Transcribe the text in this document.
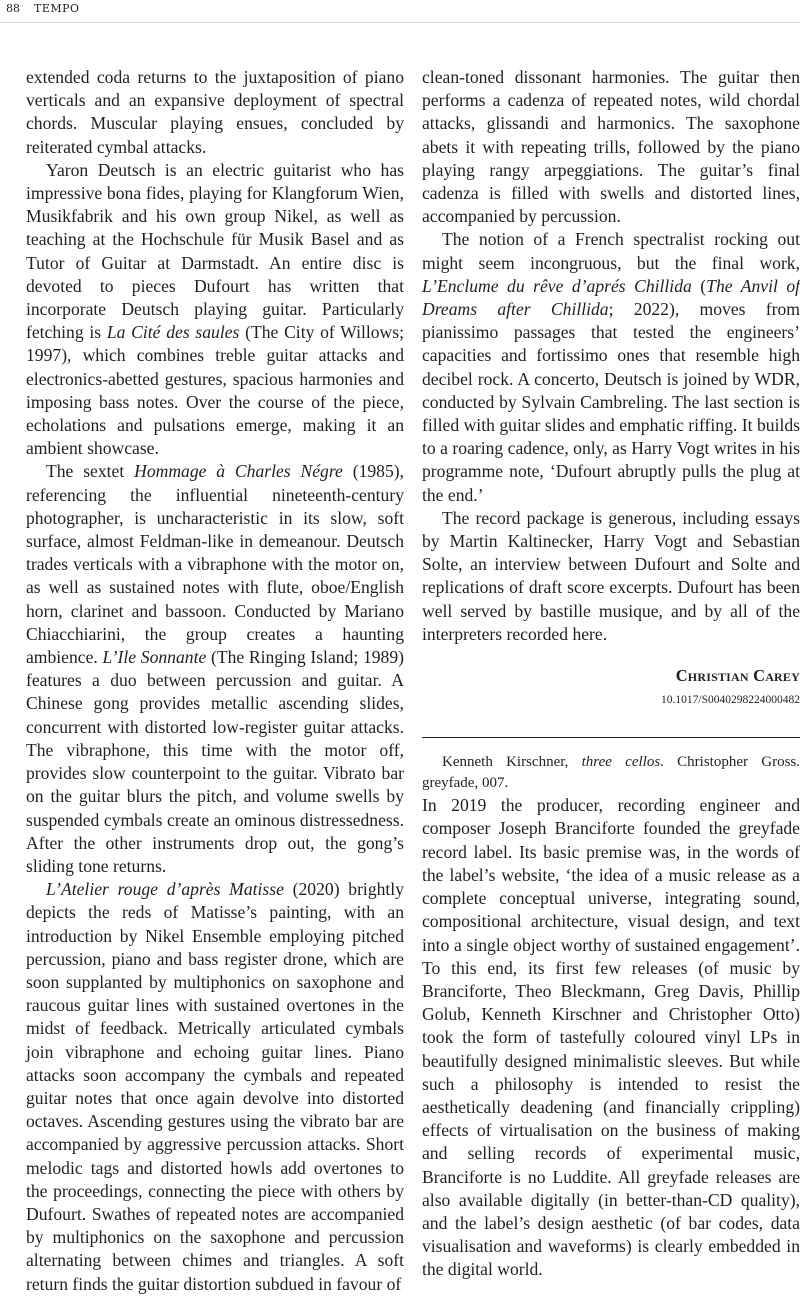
88 TEMPO

extended coda returns to the juxtaposition of piano verticals and an expansive deployment of spectral chords. Muscular playing ensues, concluded by reiterated cymbal attacks.

Yaron Deutsch is an electric guitarist who has impressive bona fides, playing for Klangforum Wien, Musikfabrik and his own group Nikel, as well as teaching at the Hochschule für Musik Basel and as Tutor of Guitar at Darmstadt. An entire disc is devoted to pieces Dufourt has written that incorporate Deutsch playing guitar. Particularly fetching is La Cité des saules (The City of Willows; 1997), which combines treble guitar attacks and electronics-abetted gestures, spacious harmonies and imposing bass notes. Over the course of the piece, echolations and pulsations emerge, making it an ambient showcase.

The sextet Hommage à Charles Négre (1985), referencing the influential nineteenth-century photographer, is uncharacteristic in its slow, soft surface, almost Feldman-like in demeanour. Deutsch trades verticals with a vibraphone with the motor on, as well as sustained notes with flute, oboe/English horn, clarinet and bassoon. Conducted by Mariano Chiacchiarini, the group creates a haunting ambience. L’Ile Sonnante (The Ringing Island; 1989) features a duo between percussion and guitar. A Chinese gong provides metallic ascending slides, concurrent with distorted low-register guitar attacks. The vibraphone, this time with the motor off, provides slow counterpoint to the guitar. Vibrato bar on the guitar blurs the pitch, and volume swells by suspended cymbals create an ominous distressedness. After the other instruments drop out, the gong’s sliding tone returns.

L’Atelier rouge d’après Matisse (2020) brightly depicts the reds of Matisse’s painting, with an introduction by Nikel Ensemble employing pitched percussion, piano and bass register drone, which are soon supplanted by multiphonics on saxophone and raucous guitar lines with sustained overtones in the midst of feedback. Metrically articulated cymbals join vibraphone and echoing guitar lines. Piano attacks soon accompany the cymbals and repeated guitar notes that once again devolve into distorted octaves. Ascending gestures using the vibrato bar are accompanied by aggressive percussion attacks. Short melodic tags and distorted howls add overtones to the proceedings, connecting the piece with others by Dufourt. Swathes of repeated notes are accompanied by multiphonics on the saxophone and percussion alternating between chimes and triangles. A soft return finds the guitar distortion subdued in favour of

clean-toned dissonant harmonies. The guitar then performs a cadenza of repeated notes, wild chordal attacks, glissandi and harmonics. The saxophone abets it with repeating trills, followed by the piano playing rangy arpeggiations. The guitar’s final cadenza is filled with swells and distorted lines, accompanied by percussion.

The notion of a French spectralist rocking out might seem incongruous, but the final work, L’Enclume du rêve d’aprés Chillida (The Anvil of Dreams after Chillida; 2022), moves from pianissimo passages that tested the engineers’ capacities and fortissimo ones that resemble high decibel rock. A concerto, Deutsch is joined by WDR, conducted by Sylvain Cambreling. The last section is filled with guitar slides and emphatic riffing. It builds to a roaring cadence, only, as Harry Vogt writes in his programme note, ‘Dufourt abruptly pulls the plug at the end.’

The record package is generous, including essays by Martin Kaltinecker, Harry Vogt and Sebastian Solte, an interview between Dufourt and Solte and replications of draft score excerpts. Dufourt has been well served by bastille musique, and by all of the interpreters recorded here.

Christian Carey
10.1017/S0040298224000482

Kenneth Kirschner, three cellos. Christopher Gross. greyfade, 007.

In 2019 the producer, recording engineer and composer Joseph Branciforte founded the greyfade record label. Its basic premise was, in the words of the label’s website, ‘the idea of a music release as a complete conceptual universe, integrating sound, compositional architecture, visual design, and text into a single object worthy of sustained engagement’. To this end, its first few releases (of music by Branciforte, Theo Bleckmann, Greg Davis, Phillip Golub, Kenneth Kirschner and Christopher Otto) took the form of tastefully coloured vinyl LPs in beautifully designed minimalistic sleeves. But while such a philosophy is intended to resist the aesthetically deadening (and financially crippling) effects of virtualisation on the business of making and selling records of experimental music, Branciforte is no Luddite. All greyfade releases are also available digitally (in better-than-CD quality), and the label’s design aesthetic (of bar codes, data visualisation and waveforms) is clearly embedded in the digital world.
